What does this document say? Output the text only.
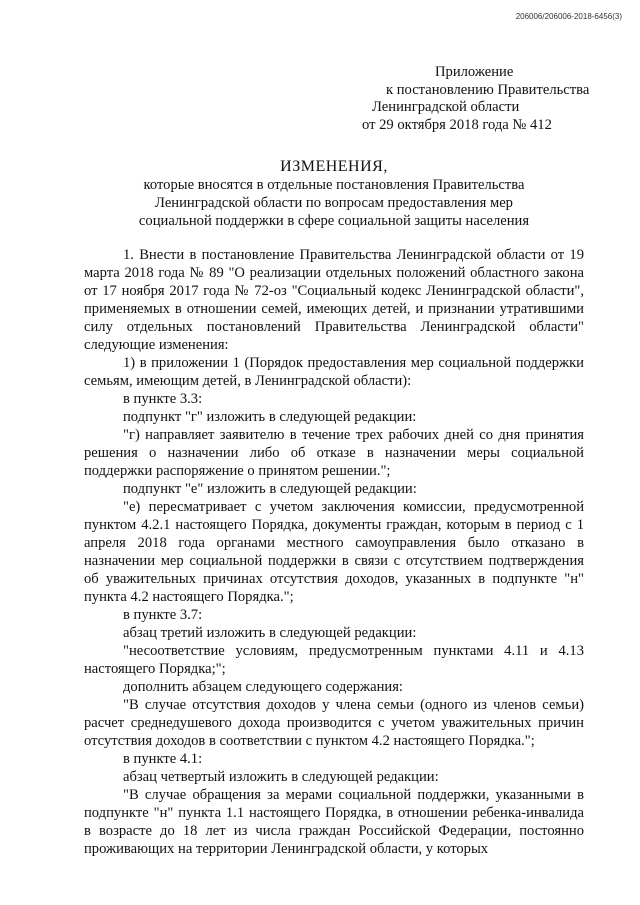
206006/206006-2018-6456(3)
Приложение
к постановлению Правительства
Ленинградской области
от 29 октября 2018 года № 412
ИЗМЕНЕНИЯ,
которые вносятся в отдельные постановления Правительства
Ленинградской области по вопросам предоставления мер
социальной поддержки в сфере социальной защиты населения

1. Внести в постановление Правительства Ленинградской области от 19 марта 2018 года № 89 "О реализации отдельных положений областного закона от 17 ноября 2017 года № 72-оз "Социальный кодекс Ленинградской области", применяемых в отношении семей, имеющих детей, и признании утратившими силу отдельных постановлений Правительства Ленинградской области" следующие изменения:

1) в приложении 1 (Порядок предоставления мер социальной поддержки семьям, имеющим детей, в Ленинградской области):

в пункте 3.3:

подпункт "г" изложить в следующей редакции:

"г) направляет заявителю в течение трех рабочих дней со дня принятия решения о назначении либо об отказе в назначении меры социальной поддержки распоряжение о принятом решении.";

подпункт "е" изложить в следующей редакции:

"е) пересматривает с учетом заключения комиссии, предусмотренной пунктом 4.2.1 настоящего Порядка, документы граждан, которым в период с 1 апреля 2018 года органами местного самоуправления было отказано в назначении мер социальной поддержки в связи с отсутствием подтверждения об уважительных причинах отсутствия доходов, указанных в подпункте "н" пункта 4.2 настоящего Порядка.";

в пункте 3.7:

абзац третий изложить в следующей редакции:

"несоответствие условиям, предусмотренным пунктами 4.11 и 4.13 настоящего Порядка;";

дополнить абзацем следующего содержания:

"В случае отсутствия доходов у члена семьи (одного из членов семьи) расчет среднедушевого дохода производится с учетом уважительных причин отсутствия доходов в соответствии с пунктом 4.2 настоящего Порядка.";

в пункте 4.1:

абзац четвертый изложить в следующей редакции:

"В случае обращения за мерами социальной поддержки, указанными в подпункте "н" пункта 1.1 настоящего Порядка, в отношении ребенка-инвалида в возрасте до 18 лет из числа граждан Российской Федерации, постоянно проживающих на территории Ленинградской области, у которых
